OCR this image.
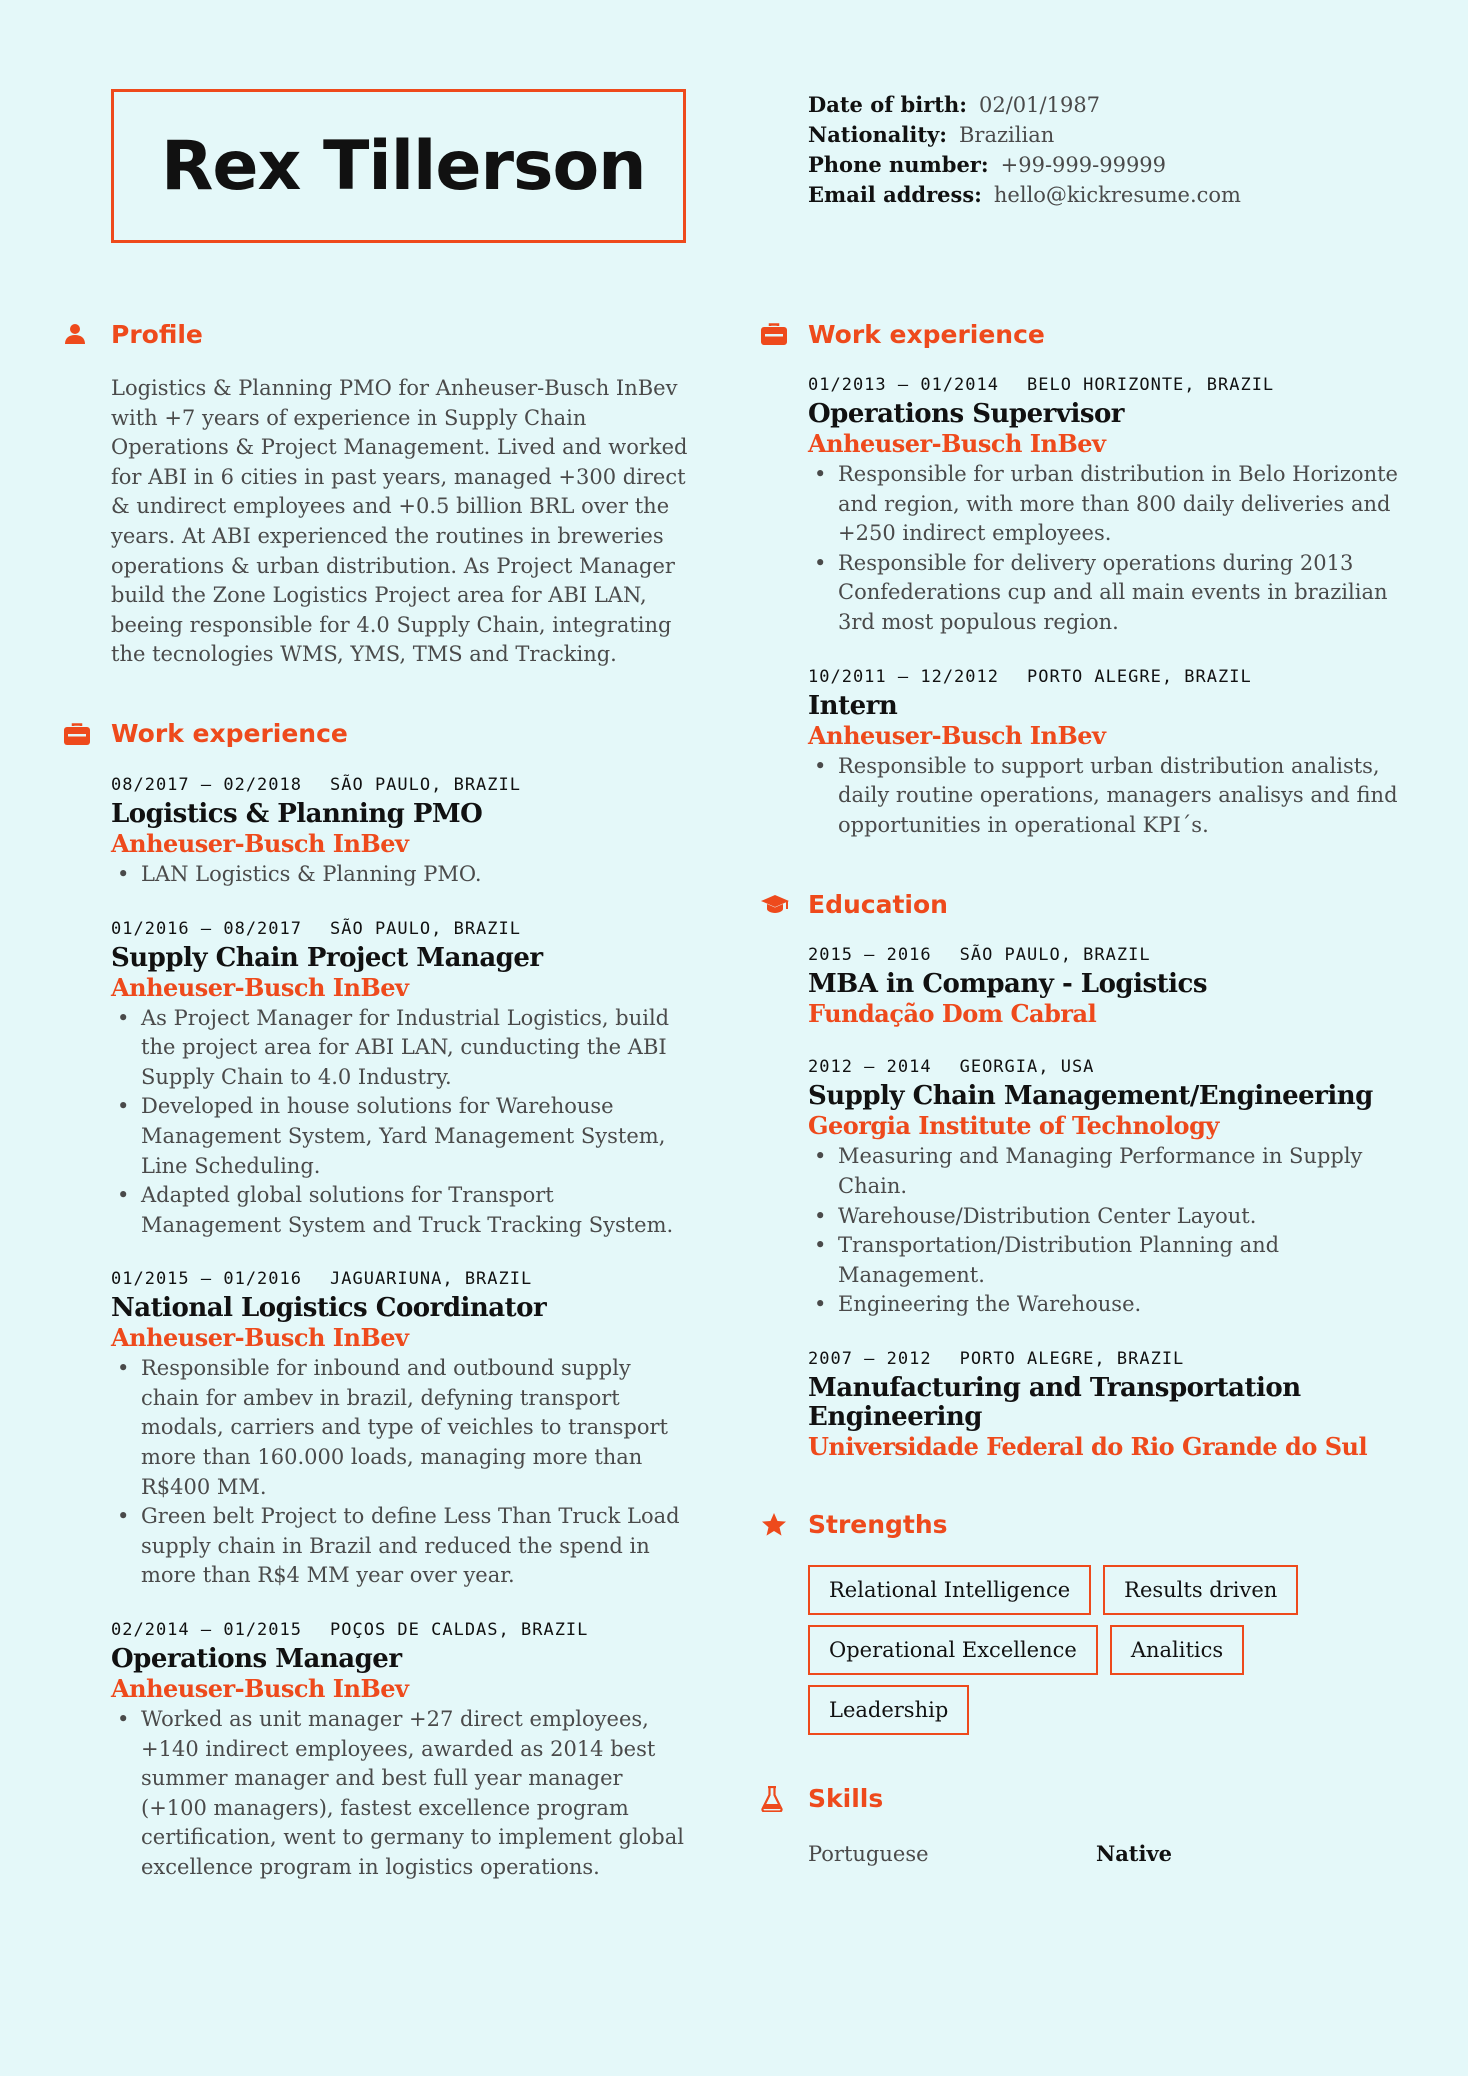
Rex Tillerson
Date of birth: 02/01/1987
Nationality: Brazilian
Phone number: +99-999-99999
Email address: hello@kickresume.com
Profile

Logistics & Planning PMO for Anheuser-Busch InBev with +7 years of experience in Supply Chain Operations & Project Management. Lived and worked for ABI in 6 cities in past years, managed +300 direct & undirect employees and +0.5 billion BRL over the years. At ABI experienced the routines in breweries operations & urban distribution. As Project Manager build the Zone Logistics Project area for ABI LAN, beeing responsible for 4.0 Supply Chain, integrating the tecnologies WMS, YMS, TMS and Tracking.

Work experience
08/2017 — 02/2018 SÃO PAULO, BRAZIL
Logistics & Planning PMO
Anheuser-Busch InBev
• LAN Logistics & Planning PMO.
01/2016 — 08/2017 SÃO PAULO, BRAZIL
Supply Chain Project Manager
Anheuser-Busch InBev
• As Project Manager for Industrial Logistics, build the project area for ABI LAN, cunducting the ABI Supply Chain to 4.0 Industry.
• Developed in house solutions for Warehouse Management System, Yard Management System, Line Scheduling.
• Adapted global solutions for Transport Management System and Truck Tracking System.
01/2015 — 01/2016 JAGUARIUNA, BRAZIL
National Logistics Coordinator
Anheuser-Busch InBev
• Responsible for inbound and outbound supply chain for ambev in brazil, defyning transport modals, carriers and type of veichles to transport more than 160.000 loads, managing more than R$400 MM.
• Green belt Project to define Less Than Truck Load supply chain in Brazil and reduced the spend in more than R$4 MM year over year.
02/2014 — 01/2015 POÇOS DE CALDAS, BRAZIL
Operations Manager
Anheuser-Busch InBev
• Worked as unit manager +27 direct employees, +140 indirect employees, awarded as 2014 best summer manager and best full year manager (+100 managers), fastest excellence program certification, went to germany to implement global excellence program in logistics operations.
Work experience
01/2013 — 01/2014 BELO HORIZONTE, BRAZIL
Operations Supervisor
Anheuser-Busch InBev
• Responsible for urban distribution in Belo Horizonte and region, with more than 800 daily deliveries and +250 indirect employees.
• Responsible for delivery operations during 2013 Confederations cup and all main events in brazilian 3rd most populous region.
10/2011 — 12/2012 PORTO ALEGRE, BRAZIL
Intern
Anheuser-Busch InBev
• Responsible to support urban distribution analists, daily routine operations, managers analisys and find opportunities in operational KPI´s.
Education
2015 — 2016 SÃO PAULO, BRAZIL
MBA in Company - Logistics
Fundação Dom Cabral
2012 — 2014 GEORGIA, USA
Supply Chain Management/Engineering
Georgia Institute of Technology
• Measuring and Managing Performance in Supply Chain.
• Warehouse/Distribution Center Layout.
• Transportation/Distribution Planning and Management.
• Engineering the Warehouse.
2007 — 2012 PORTO ALEGRE, BRAZIL
Manufacturing and Transportation Engineering
Universidade Federal do Rio Grande do Sul
Strengths
Relational Intelligence	Results driven
Operational Excellence	Analitics
Leadership
Skills
Portuguese	Native
